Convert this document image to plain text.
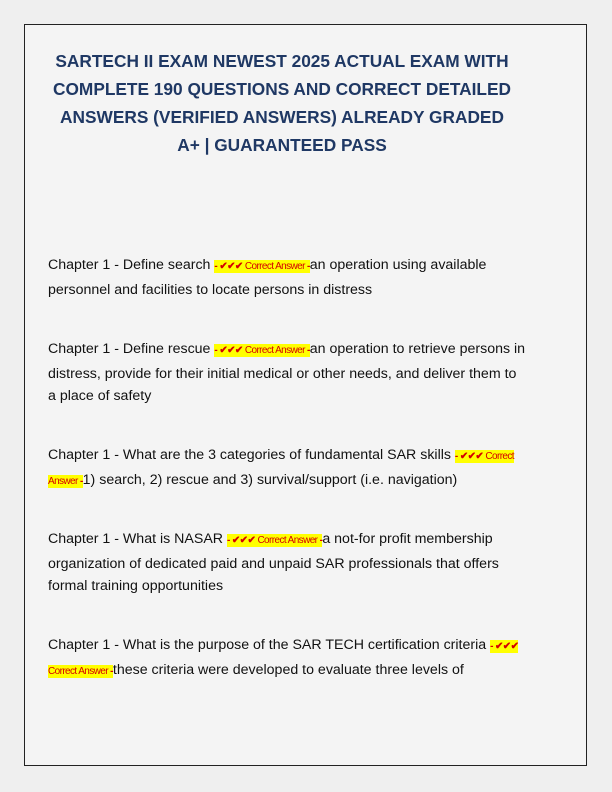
SARTECH II EXAM NEWEST 2025 ACTUAL EXAM WITH COMPLETE 190 QUESTIONS AND CORRECT DETAILED ANSWERS (VERIFIED ANSWERS) ALREADY GRADED A+ | GUARANTEED PASS

Chapter 1 - Define search - ✔✔✔ Correct Answer -an operation using available personnel and facilities to locate persons in distress

Chapter 1 - Define rescue - ✔✔✔ Correct Answer -an operation to retrieve persons in distress, provide for their initial medical or other needs, and deliver them to a place of safety

Chapter 1 - What are the 3 categories of fundamental SAR skills - ✔✔✔ Correct Answer -1) search, 2) rescue and 3) survival/support (i.e. navigation)

Chapter 1 - What is NASAR - ✔✔✔ Correct Answer -a not-for profit membership organization of dedicated paid and unpaid SAR professionals that offers formal training opportunities

Chapter 1 - What is the purpose of the SAR TECH certification criteria - ✔✔✔ Correct Answer -these criteria were developed to evaluate three levels of
